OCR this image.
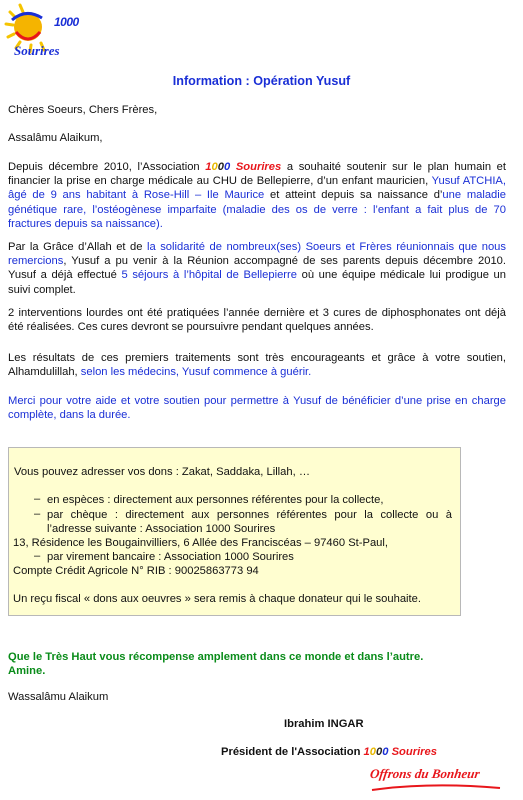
1000
Sourires
Information : Opération Yusuf
Chères Soeurs, Chers Frères,
Assalâmu Alaikum,
Depuis décembre 2010, l’Association 1000 Sourires a souhaité soutenir sur le plan humain et financier la prise en charge médicale au CHU de Bellepierre, d’un enfant mauricien, Yusuf ATCHIA, âgé de 9 ans habitant à Rose-Hill – Ile Maurice et atteint depuis sa naissance d’une maladie génétique rare, l’ostéogènese imparfaite (maladie des os de verre : l’enfant a fait plus de 70 fractures depuis sa naissance).
Par la Grâce d’Allah et de la solidarité de nombreux(ses) Soeurs et Frères réunionnais que nous remercions, Yusuf a pu venir à la Réunion accompagné de ses parents depuis décembre 2010. Yusuf a déjà effectué 5 séjours à l’hôpital de Bellepierre où une équipe médicale lui prodigue un suivi complet.
2 interventions lourdes ont été pratiquées l’année dernière et 3 cures de diphosphonates ont déjà été réalisées. Ces cures devront se poursuivre pendant quelques années.
Les résultats de ces premiers traitements sont très encourageants et grâce à votre soutien, Alhamdulillah, selon les médecins, Yusuf commence à guérir.
Merci pour votre aide et votre soutien pour permettre à Yusuf de bénéficier d’une prise en charge complète, dans la durée.
Vous pouvez adresser vos dons : Zakat, Saddaka, Lillah, …
– en espèces : directement aux personnes référentes pour la collecte,
– par chèque : directement aux personnes référentes pour la collecte ou à
l’adresse suivante : Association 1000 Sourires
13, Résidence les Bougainvilliers, 6 Allée des Franciscéas – 97460 St-Paul,
– par virement bancaire : Association 1000 Sourires
Compte Crédit Agricole N° RIB : 90025863773 94
Un reçu fiscal « dons aux oeuvres » sera remis à chaque donateur qui le souhaite.
Que le Très Haut vous récompense amplement dans ce monde et dans l’autre.
Amine.
Wassalâmu Alaikum
Ibrahim INGAR
Président de l'Association 1000 Sourires
Offrons du Bonheur
